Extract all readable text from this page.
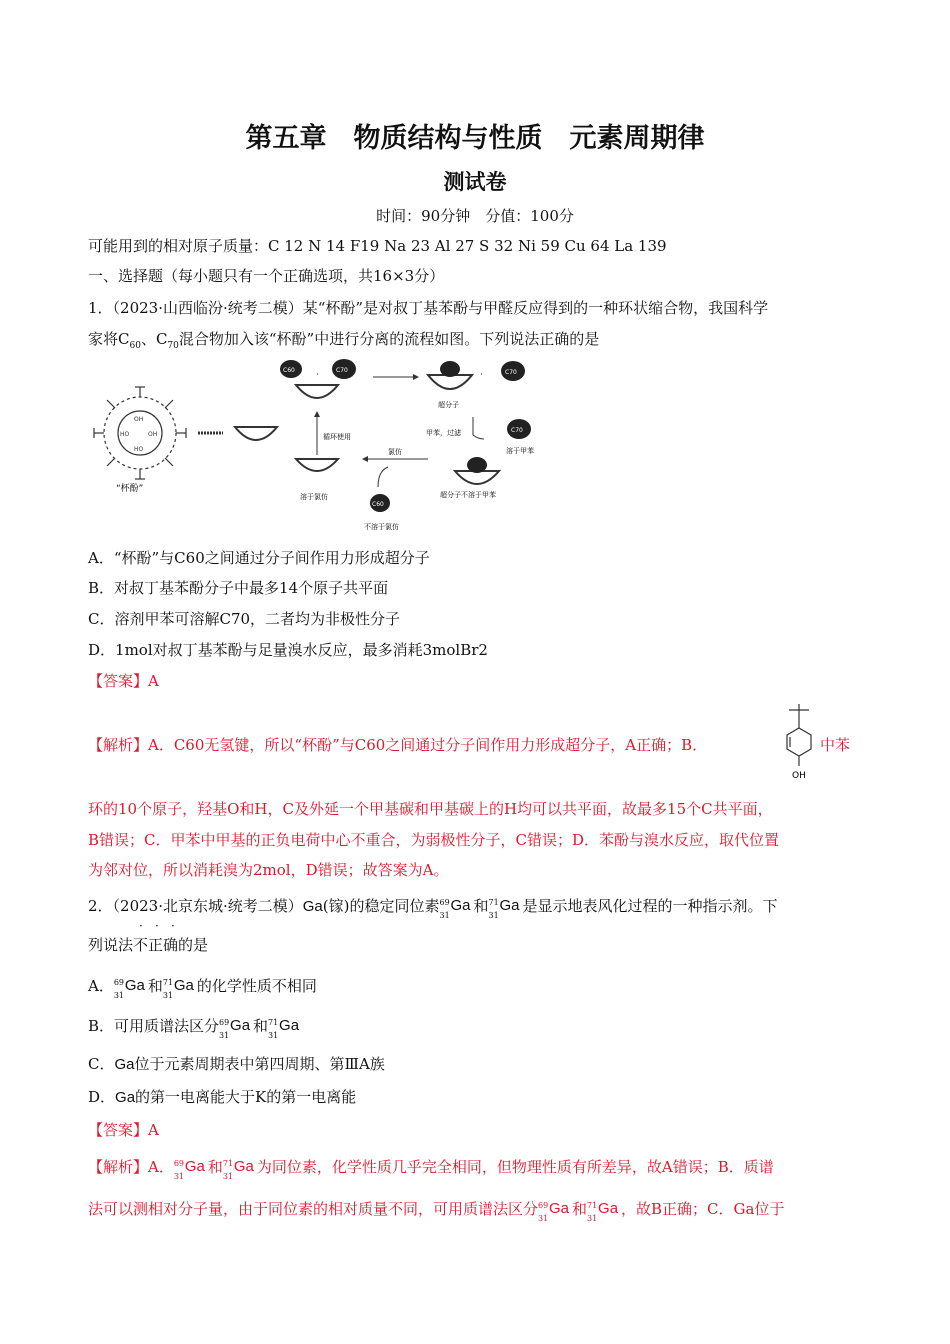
第五章　物质结构与性质　元素周期律
测试卷
时间：90分钟　分值：100分
可能用到的相对原子质量：C 12 N 14 F19 Na 23 Al 27 S 32 Ni 59 Cu 64 La 139
一、选择题（每小题只有一个正确选项，共16×3分）
1．（2023·山西临汾·统考二模）某“杯酚”是对叔丁基苯酚与甲醛反应得到的一种环状缩合物，我国科学
家将$C_{60}$、$C_{70}$混合物加入该“杯酚”中进行分离的流程如图。下列说法正确的是
OH
HO	OH
HO
“杯酚”
C60 ·	C70
超分子
·	C70
甲苯，过滤	C70
溶于甲苯
循环使用
溶于氯仿
氯仿
C60
不溶于氯仿
超分子不溶于甲苯
A．“杯酚”与C60之间通过分子间作用力形成超分子
B．对叔丁基苯酚分子中最多14个原子共平面
C．溶剂甲苯可溶解C70，二者均为非极性分子
D．1mol对叔丁基苯酚与足量溴水反应，最多消耗3molBr2
【答案】A
【解析】A．C60无氢键，所以“杯酚”与C60之间通过分子间作用力形成超分子，A正确；B．
OH
中苯
环的10个原子，羟基O和H，C及外延一个甲基碳和甲基碳上的H均可以共平面，故最多15个C共平面，
B错误；C．甲苯中甲基的正负电荷中心不重合，为弱极性分子，C错误；D．苯酚与溴水反应，取代位置
为邻对位，所以消耗溴为2mol，D错误；故答案为A。
2．（2023·北京东城·统考二模）Ga(镓)的稳定同位素 69
31
Ga 和 71
31
Ga 是显示地表风化过程的一种指示剂。下
列说法不正确的是
· · ·
A． 69
31
Ga 和 71
31
Ga 的化学性质不相同
B．可用质谱法区分 69
31
Ga 和 71
31
Ga
C．Ga位于元素周期表中第四周期、第ⅢA族
D．Ga的第一电离能大于K的第一电离能
【答案】A
【解析】A． 69
31
Ga 和 71
31
Ga 为同位素，化学性质几乎完全相同，但物理性质有所差异，故A错误；B．质谱
法可以测相对分子量，由于同位素的相对质量不同，可用质谱法区分 69
31
Ga 和 71
31
Ga ，故B正确；C．Ga位于
